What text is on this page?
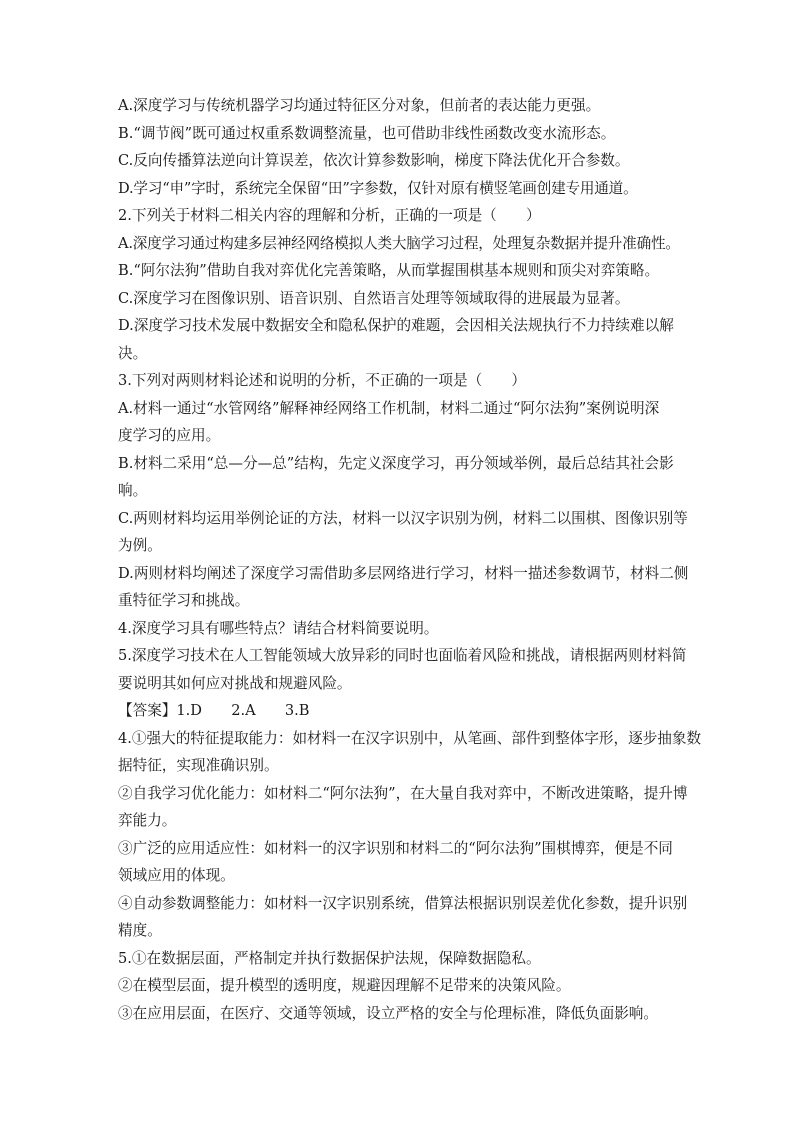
A.深度学习与传统机器学习均通过特征区分对象，但前者的表达能力更强。

B.“调节阀”既可通过权重系数调整流量，也可借助非线性函数改变水流形态。

C.反向传播算法逆向计算误差，依次计算参数影响，梯度下降法优化开合参数。

D.学习“申”字时，系统完全保留“田”字参数，仅针对原有横竖笔画创建专用通道。

2.下列关于材料二相关内容的理解和分析，正确的一项是（　　）

A.深度学习通过构建多层神经网络模拟人类大脑学习过程，处理复杂数据并提升准确性。

B.“阿尔法狗”借助自我对弈优化完善策略，从而掌握围棋基本规则和顶尖对弈策略。

C.深度学习在图像识别、语音识别、自然语言处理等领域取得的进展最为显著。

D.深度学习技术发展中数据安全和隐私保护的难题，会因相关法规执行不力持续难以解

决。

3.下列对两则材料论述和说明的分析，不正确的一项是（　　）

A.材料一通过“水管网络”解释神经网络工作机制，材料二通过“阿尔法狗”案例说明深

度学习的应用。

B.材料二采用“总—分—总”结构，先定义深度学习，再分领域举例，最后总结其社会影

响。

C.两则材料均运用举例论证的方法，材料一以汉字识别为例，材料二以围棋、图像识别等

为例。

D.两则材料均阐述了深度学习需借助多层网络进行学习，材料一描述参数调节，材料二侧

重特征学习和挑战。

4.深度学习具有哪些特点？请结合材料简要说明。

5.深度学习技术在人工智能领域大放异彩的同时也面临着风险和挑战，请根据两则材料简

要说明其如何应对挑战和规避风险。

【答案】1.D　　2.A　　3.B

4.①强大的特征提取能力：如材料一在汉字识别中，从笔画、部件到整体字形，逐步抽象数

据特征，实现准确识别。

②自我学习优化能力：如材料二“阿尔法狗”，在大量自我对弈中，不断改进策略，提升博

弈能力。

③广泛的应用适应性：如材料一的汉字识别和材料二的“阿尔法狗”围棋博弈，便是不同

领域应用的体现。

④自动参数调整能力：如材料一汉字识别系统，借算法根据识别误差优化参数，提升识别

精度。

5.①在数据层面，严格制定并执行数据保护法规，保障数据隐私。

②在模型层面，提升模型的透明度，规避因理解不足带来的决策风险。

③在应用层面，在医疗、交通等领域，设立严格的安全与伦理标准，降低负面影响。
